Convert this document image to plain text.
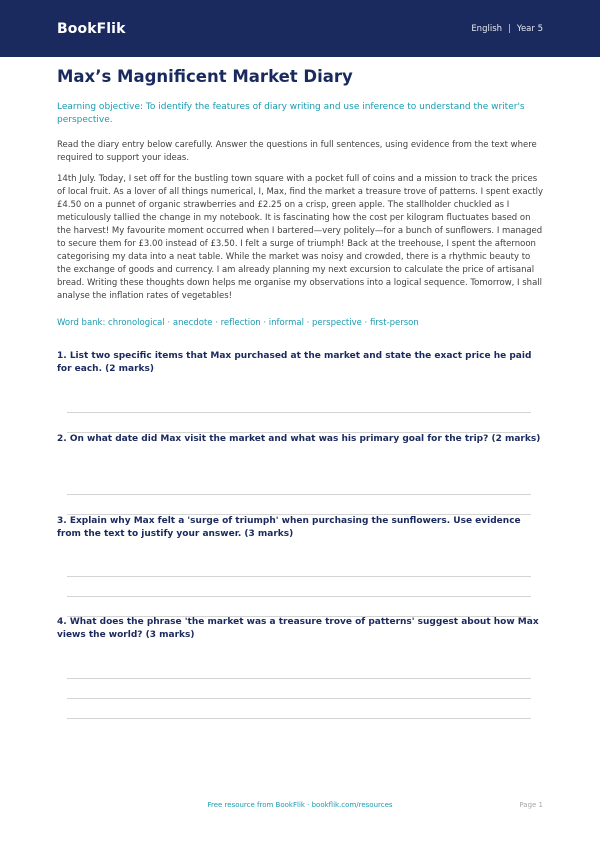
BookFlik	English | Year 5
Max’s Magnificent Market Diary

Learning objective: To identify the features of diary writing and use inference to understand the writer's perspective.

Read the diary entry below carefully. Answer the questions in full sentences, using evidence from the text where required to support your ideas.

14th July. Today, I set off for the bustling town square with a pocket full of coins and a mission to track the prices of local fruit. As a lover of all things numerical, I, Max, find the market a treasure trove of patterns. I spent exactly £4.50 on a punnet of organic strawberries and £2.25 on a crisp, green apple. The stallholder chuckled as I meticulously tallied the change in my notebook. It is fascinating how the cost per kilogram fluctuates based on the harvest! My favourite moment occurred when I bartered—very politely—for a bunch of sunflowers. I managed to secure them for £3.00 instead of £3.50. I felt a surge of triumph! Back at the treehouse, I spent the afternoon categorising my data into a neat table. While the market was noisy and crowded, there is a rhythmic beauty to the exchange of goods and currency. I am already planning my next excursion to calculate the price of artisanal bread. Writing these thoughts down helps me organise my observations into a logical sequence. Tomorrow, I shall analyse the inflation rates of vegetables!

Word bank: chronological · anecdote · reflection · informal · perspective · first-person

1. List two specific items that Max purchased at the market and state the exact price he paid for each. (2 marks)
2. On what date did Max visit the market and what was his primary goal for the trip? (2 marks)
3. Explain why Max felt a 'surge of triumph' when purchasing the sunflowers. Use evidence from the text to justify your answer. (3 marks)
4. What does the phrase 'the market was a treasure trove of patterns' suggest about how Max views the world? (3 marks)
Free resource from BookFlik · bookflik.com/resources	Page 1
